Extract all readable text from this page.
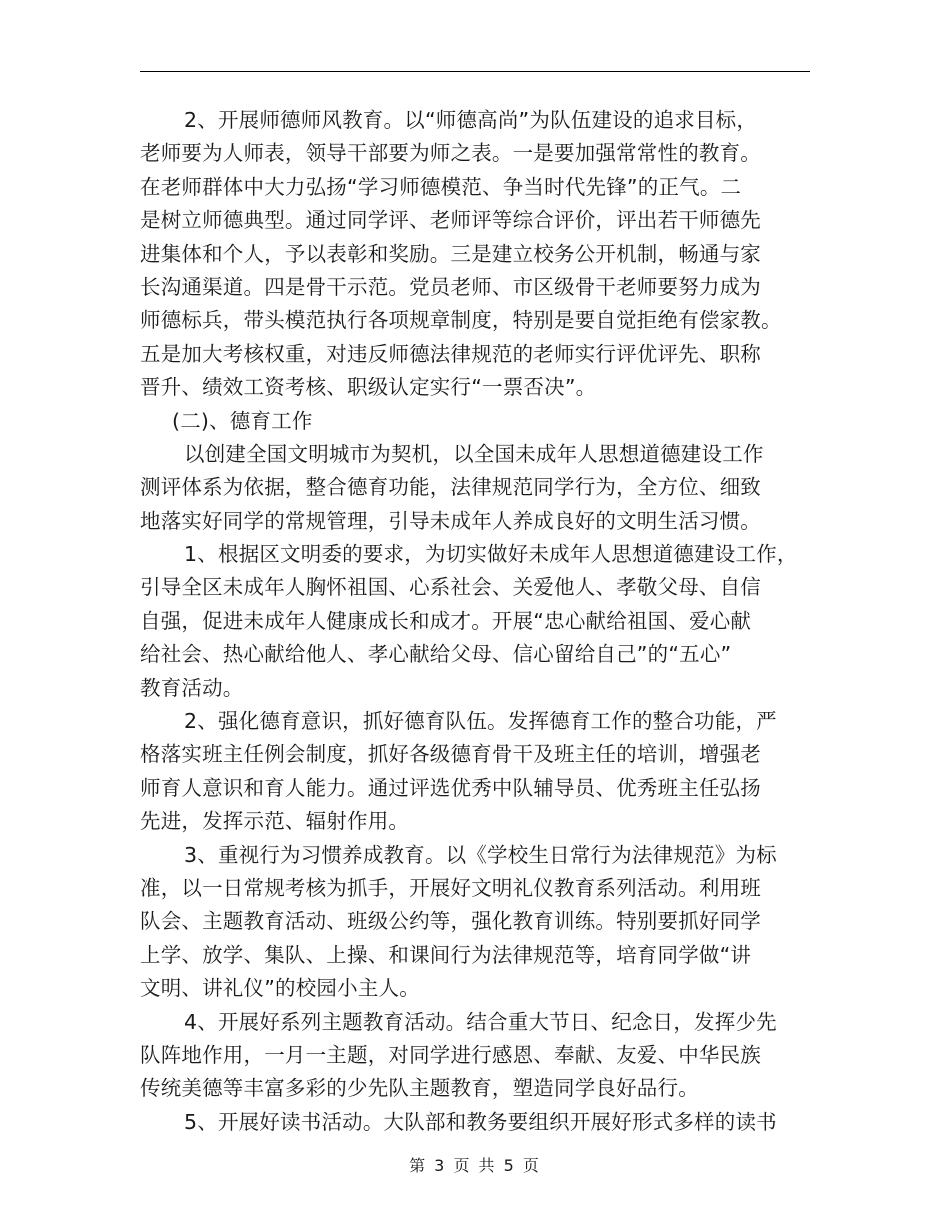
2、开展师德师风教育。以“师德高尚”为队伍建设的追求目标，
老师要为人师表，领导干部要为师之表。一是要加强常常性的教育。
在老师群体中大力弘扬“学习师德模范、争当时代先锋”的正气。二
是树立师德典型。通过同学评、老师评等综合评价，评出若干师德先
进集体和个人，予以表彰和奖励。三是建立校务公开机制，畅通与家
长沟通渠道。四是骨干示范。党员老师、市区级骨干老师要努力成为
师德标兵，带头模范执行各项规章制度，特别是要自觉拒绝有偿家教。
五是加大考核权重，对违反师德法律规范的老师实行评优评先、职称
晋升、绩效工资考核、职级认定实行“一票否决”。
(二)、德育工作
以创建全国文明城市为契机，以全国未成年人思想道德建设工作
测评体系为依据，整合德育功能，法律规范同学行为，全方位、细致
地落实好同学的常规管理，引导未成年人养成良好的文明生活习惯。
1、根据区文明委的要求，为切实做好未成年人思想道德建设工作，
引导全区未成年人胸怀祖国、心系社会、关爱他人、孝敬父母、自信
自强，促进未成年人健康成长和成才。开展“忠心献给祖国、爱心献
给社会、热心献给他人、孝心献给父母、信心留给自己”的“五心”
教育活动。
2、强化德育意识，抓好德育队伍。发挥德育工作的整合功能，严
格落实班主任例会制度，抓好各级德育骨干及班主任的培训，增强老
师育人意识和育人能力。通过评选优秀中队辅导员、优秀班主任弘扬
先进，发挥示范、辐射作用。
3、重视行为习惯养成教育。以《学校生日常行为法律规范》为标
准，以一日常规考核为抓手，开展好文明礼仪教育系列活动。利用班
队会、主题教育活动、班级公约等，强化教育训练。特别要抓好同学
上学、放学、集队、上操、和课间行为法律规范等，培育同学做“讲
文明、讲礼仪”的校园小主人。
4、开展好系列主题教育活动。结合重大节日、纪念日，发挥少先
队阵地作用，一月一主题，对同学进行感恩、奉献、友爱、中华民族
传统美德等丰富多彩的少先队主题教育，塑造同学良好品行。
5、开展好读书活动。大队部和教务要组织开展好形式多样的读书
第 3 页 共 5 页
